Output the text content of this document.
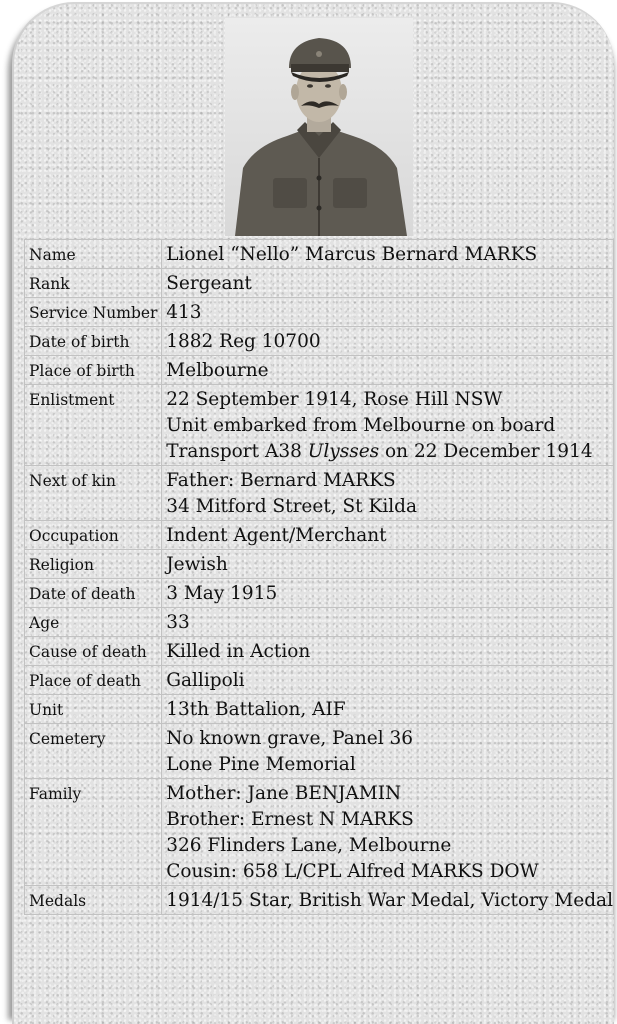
Name	Lionel “Nello” Marcus Bernard MARKS

Rank	Sergeant

Service Number	413

Date of birth	1882 Reg 10700

Place of birth	Melbourne

Enlistment	22 September 1914, Rose Hill NSW
Unit embarked from Melbourne on board
Transport A38 Ulysses on 22 December 1914

Next of kin	Father: Bernard MARKS
34 Mitford Street, St Kilda

Occupation	Indent Agent/Merchant

Religion	Jewish

Date of death	3 May 1915

Age	33

Cause of death	Killed in Action

Place of death	Gallipoli

Unit	13th Battalion, AIF

Cemetery	No known grave, Panel 36
Lone Pine Memorial

Family	Mother: Jane BENJAMIN
Brother: Ernest N MARKS
326 Flinders Lane, Melbourne
Cousin: 658 L/CPL Alfred MARKS DOW

Medals	1914/15 Star, British War Medal, Victory Medal
